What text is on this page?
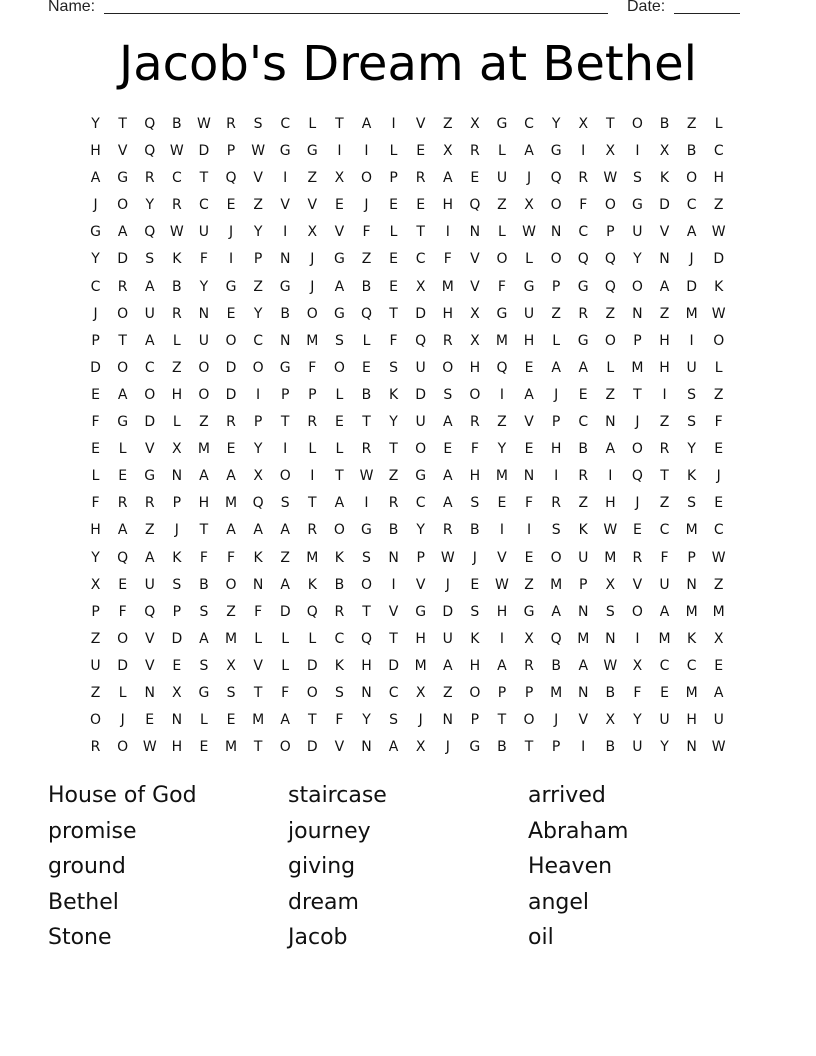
Name:	Date:
Jacob's Dream at Bethel
Y	T	Q	B	W	R	S	C	L	T	A	I	V	Z	X	G	C	Y	X	T	O	B	Z	L
H	V	Q	W	D	P	W	G	G	I	I	L	E	X	R	L	A	G	I	X	I	X	B	C
A	G	R	C	T	Q	V	I	Z	X	O	P	R	A	E	U	J	Q	R	W	S	K	O	H
J	O	Y	R	C	E	Z	V	V	E	J	E	E	H	Q	Z	X	O	F	O	G	D	C	Z
G	A	Q	W	U	J	Y	I	X	V	F	L	T	I	N	L	W	N	C	P	U	V	A	W
Y	D	S	K	F	I	P	N	J	G	Z	E	C	F	V	O	L	O	Q	Q	Y	N	J	D
C	R	A	B	Y	G	Z	G	J	A	B	E	X	M	V	F	G	P	G	Q	O	A	D	K
J	O	U	R	N	E	Y	B	O	G	Q	T	D	H	X	G	U	Z	R	Z	N	Z	M	W
P	T	A	L	U	O	C	N	M	S	L	F	Q	R	X	M	H	L	G	O	P	H	I	O
D	O	C	Z	O	D	O	G	F	O	E	S	U	O	H	Q	E	A	A	L	M	H	U	L
E	A	O	H	O	D	I	P	P	L	B	K	D	S	O	I	A	J	E	Z	T	I	S	Z
F	G	D	L	Z	R	P	T	R	E	T	Y	U	A	R	Z	V	P	C	N	J	Z	S	F
E	L	V	X	M	E	Y	I	L	L	R	T	O	E	F	Y	E	H	B	A	O	R	Y	E
L	E	G	N	A	A	X	O	I	T	W	Z	G	A	H	M	N	I	R	I	Q	T	K	J
F	R	R	P	H	M	Q	S	T	A	I	R	C	A	S	E	F	R	Z	H	J	Z	S	E
H	A	Z	J	T	A	A	A	R	O	G	B	Y	R	B	I	I	S	K	W	E	C	M	C
Y	Q	A	K	F	F	K	Z	M	K	S	N	P	W	J	V	E	O	U	M	R	F	P	W
X	E	U	S	B	O	N	A	K	B	O	I	V	J	E	W	Z	M	P	X	V	U	N	Z
P	F	Q	P	S	Z	F	D	Q	R	T	V	G	D	S	H	G	A	N	S	O	A	M	M
Z	O	V	D	A	M	L	L	L	C	Q	T	H	U	K	I	X	Q	M	N	I	M	K	X
U	D	V	E	S	X	V	L	D	K	H	D	M	A	H	A	R	B	A	W	X	C	C	E
Z	L	N	X	G	S	T	F	O	S	N	C	X	Z	O	P	P	M	N	B	F	E	M	A
O	J	E	N	L	E	M	A	T	F	Y	S	J	N	P	T	O	J	V	X	Y	U	H	U
R	O	W	H	E	M	T	O	D	V	N	A	X	J	G	B	T	P	I	B	U	Y	N	W
House of God	staircase	arrived
promise	journey	Abraham
ground	giving	Heaven
Bethel	dream	angel
Stone	Jacob	oil
